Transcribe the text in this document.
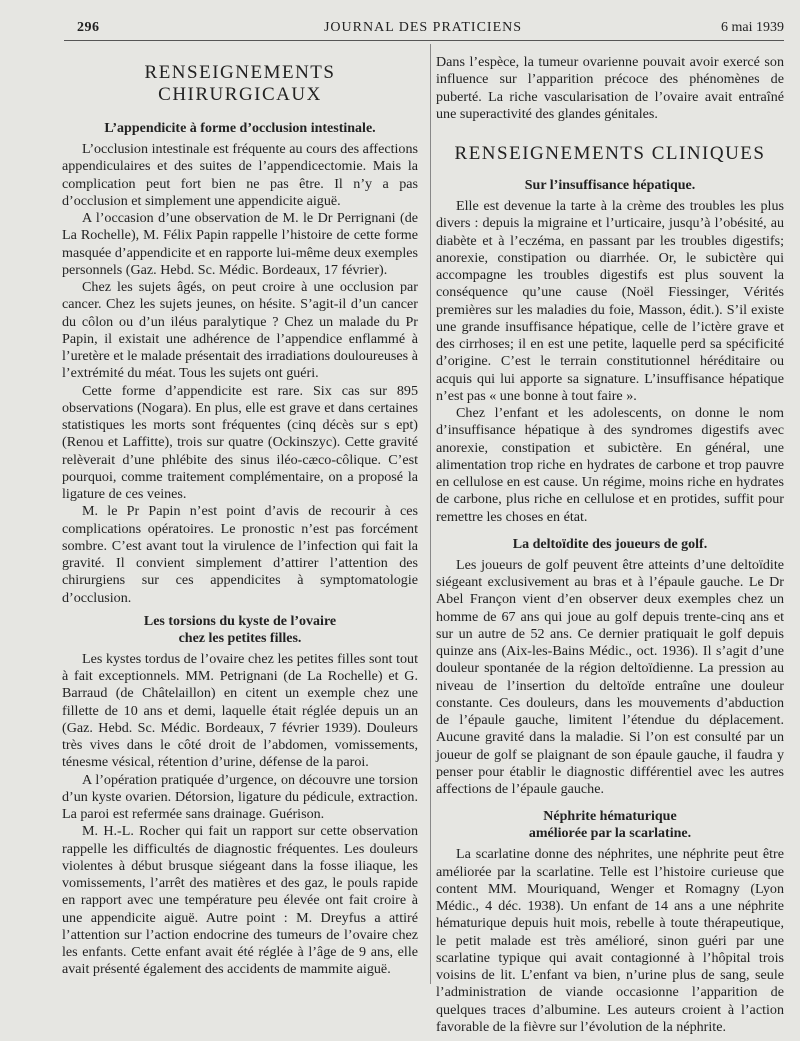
296	JOURNAL DES PRATICIENS	6 mai 1939
RENSEIGNEMENTS CHIRURGICAUX
L’appendicite à forme d’occlusion intestinale.

L’occlusion intestinale est fréquente au cours des affections appendiculaires et des suites de l’appendicectomie. Mais la complication peut fort bien ne pas être. Il n’y a pas d’occlusion et simplement une appendicite aiguë.

A l’occasion d’une observation de M. le Dr Perrignani (de La Rochelle), M. Félix Papin rappelle l’histoire de cette forme masquée d’appendicite et en rapporte lui-même deux exemples personnels (Gaz. Hebd. Sc. Médic. Bordeaux, 17 février).

Chez les sujets âgés, on peut croire à une occlusion par cancer. Chez les sujets jeunes, on hésite. S’agit-il d’un cancer du côlon ou d’un iléus paralytique ? Chez un malade du Pr Papin, il existait une adhérence de l’appendice enflammé à l’uretère et le malade présentait des irradiations douloureuses à l’extrémité du méat. Tous les sujets ont guéri.

Cette forme d’appendicite est rare. Six cas sur 895 observations (Nogara). En plus, elle est grave et dans certaines statistiques les morts sont fréquentes (cinq décès sur s ept) (Renou et Laffitte), trois sur quatre (Ockinszyc). Cette gravité relèverait d’une phlébite des sinus iléo-cæco-côlique. C’est pourquoi, comme traitement complémentaire, on a proposé la ligature de ces veines.

M. le Pr Papin n’est point d’avis de recourir à ces complications opératoires. Le pronostic n’est pas forcément sombre. C’est avant tout la virulence de l’infection qui fait la gravité. Il convient simplement d’attirer l’attention des chirurgiens sur ces appendicites à symptomatologie d’occlusion.

Les torsions du kyste de l’ovaire
chez les petites filles.

Les kystes tordus de l’ovaire chez les petites filles sont tout à fait exceptionnels. MM. Petrignani (de La Rochelle) et G. Barraud (de Châtelaillon) en citent un exemple chez une fillette de 10 ans et demi, laquelle était réglée depuis un an (Gaz. Hebd. Sc. Médic. Bordeaux, 7 février 1939). Douleurs très vives dans le côté droit de l’abdomen, vomissements, ténesme vésical, rétention d’urine, défense de la paroi.

A l’opération pratiquée d’urgence, on découvre une torsion d’un kyste ovarien. Détorsion, ligature du pédicule, extraction. La paroi est refermée sans drainage. Guérison.

M. H.-L. Rocher qui fait un rapport sur cette observation rappelle les difficultés de diagnostic fréquentes. Les douleurs violentes à début brusque siégeant dans la fosse iliaque, les vomissements, l’arrêt des matières et des gaz, le pouls rapide en rapport avec une température peu élevée ont fait croire à une appendicite aiguë. Autre point : M. Dreyfus a attiré l’attention sur l’action endocrine des tumeurs de l’ovaire chez les enfants. Cette enfant avait été réglée à l’âge de 9 ans, elle avait présenté également des accidents de mammite aiguë.

Dans l’espèce, la tumeur ovarienne pouvait avoir exercé son influence sur l’apparition précoce des phénomènes de puberté. La riche vascularisation de l’ovaire avait entraîné une superactivité des glandes génitales.

RENSEIGNEMENTS CLINIQUES
Sur l’insuffisance hépatique.

Elle est devenue la tarte à la crème des troubles les plus divers : depuis la migraine et l’urticaire, jusqu’à l’obésité, au diabète et à l’eczéma, en passant par les troubles digestifs; anorexie, constipation ou diarrhée. Or, le subictère qui accompagne les troubles digestifs est plus souvent la conséquence qu’une cause (Noël Fiessinger, Vérités premières sur les maladies du foie, Masson, édit.). S’il existe une grande insuffisance hépatique, celle de l’ictère grave et des cirrhoses; il en est une petite, laquelle perd sa spécificité d’origine. C’est le terrain constitutionnel héréditaire ou acquis qui lui apporte sa signature. L’insuffisance hépatique n’est pas « une bonne à tout faire ».

Chez l’enfant et les adolescents, on donne le nom d’insuffisance hépatique à des syndromes digestifs avec anorexie, constipation et subictère. En général, une alimentation trop riche en hydrates de carbone et trop pauvre en cellulose en est cause. Un régime, moins riche en hydrates de carbone, plus riche en cellulose et en protides, suffit pour remettre les choses en état.

La deltoïdite des joueurs de golf.

Les joueurs de golf peuvent être atteints d’une deltoïdite siégeant exclusivement au bras et à l’épaule gauche. Le Dr Abel Françon vient d’en observer deux exemples chez un homme de 67 ans qui joue au golf depuis trente-cinq ans et sur un autre de 52 ans. Ce dernier pratiquait le golf depuis quinze ans (Aix-les-Bains Médic., oct. 1936). Il s’agit d’une douleur spontanée de la région deltoïdienne. La pression au niveau de l’insertion du deltoïde entraîne une douleur constante. Ces douleurs, dans les mouvements d’abduction de l’épaule gauche, limitent l’étendue du déplacement. Aucune gravité dans la maladie. Si l’on est consulté par un joueur de golf se plaignant de son épaule gauche, il faudra y penser pour établir le diagnostic différentiel avec les autres affections de l’épaule gauche.

Néphrite hématurique
améliorée par la scarlatine.

La scarlatine donne des néphrites, une néphrite peut être améliorée par la scarlatine. Telle est l’histoire curieuse que content MM. Mouriquand, Wenger et Romagny (Lyon Médic., 4 déc. 1938). Un enfant de 14 ans a une néphrite hématurique depuis huit mois, rebelle à toute thérapeutique, le petit malade est très amélioré, sinon guéri par une scarlatine typique qui avait contagionné à l’hôpital trois voisins de lit. L’enfant va bien, n’urine plus de sang, seule l’administration de viande occasionne l’apparition de quelques traces d’albumine. Les auteurs croient à l’action favorable de la fièvre sur l’évolution de la néphrite.
